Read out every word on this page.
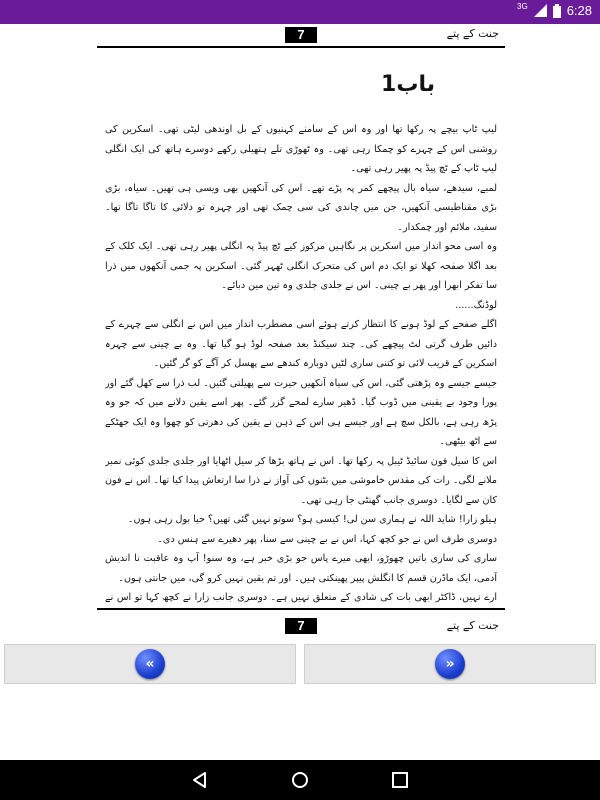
3G	6:28
7	جنت کے پتے
باب1

لیپ ٹاپ بیچے پہ رکھا تھا اور وہ اس کے سامنے کہنیوں کے بل اوندھی لیٹی تھی۔ اسکرین کی روشنی اس کے چہرے کو چمکا رہی تھی۔ وہ ٹھوڑی تلے ہتھیلی رکھے دوسرے ہاتھ کی ایک انگلی لیپ ٹاپ کے ٹچ پیڈ پہ پھیر رہی تھی۔

لمبے، سیدھے، سیاہ بال پیچھے کمر پہ پڑے تھے۔ اس کی آنکھیں بھی ویسی ہی تھیں۔ سیاہ، بڑی بڑی مقناطیسی آنکھیں، جن میں چاندی کی سی چمک تھی اور چہرہ تو دلائی کا تاگا تاگا تھا۔ سفید، ملائم اور چمکدار۔

وہ اسی محو انداز میں اسکرین پر نگاہیں مرکوز کیے ٹچ پیڈ پہ انگلی پھیر رہی تھی۔ ایک کلک کے بعد اگلا صفحہ کھلا تو ایک دم اس کی متحرک انگلی ٹھہر گئی۔ اسکرین پہ جمی آنکھوں میں ذرا سا تفکر ابھرا اور پھر بے چینی۔ اس نے جلدی جلدی وہ تین مین دبائے۔

لوڈنگ......

اگلے صفحے کے لوڈ ہونے کا انتظار کرتے ہوئے اسی مضطرب انداز میں اس نے انگلی سے چہرے کے دائیں طرف گرتی لٹ پیچھے کی۔ چند سیکنڈ بعد صفحہ لوڈ ہو گیا تھا۔ وہ بے چینی سے چہرہ اسکرین کے قریب لائی تو کتنی ساری لٹیں دوبارہ کندھے سے پھسل کر آگے کو گر گئیں۔

جیسے جیسے وہ پڑھتی گئی، اس کی سیاہ آنکھیں حیرت سے پھیلتی گئیں۔ لب ذرا سے کھل گئے اور پورا وجود بے یقینی میں ڈوب گیا۔ ڈھیر سارے لمحے گزر گئے۔ پھر اسے یقین دلانے میں کہ جو وہ پڑھ رہی ہے، بالکل سچ ہے اور جیسے ہی اس کے ذہن نے یقین کی دھرتی کو چھوا وہ ایک جھٹکے سے اٹھ بیٹھی۔

اس کا سیل فون سائیڈ ٹیبل پہ رکھا تھا۔ اس نے ہاتھ بڑھا کر سیل اٹھایا اور جلدی جلدی کوئی نمبر ملانے لگی۔ رات کی مقدس خاموشی میں بٹنوں کی آواز نے ذرا سا ارتعاش پیدا کیا تھا۔ اس نے فون کان سے لگایا۔ دوسری جانب گھنٹی جا رہی تھی۔

ہیلو زارا! شاید اللہ نے ہماری سن لی! کیسی ہو؟ سوتو نہیں گئی تھیں؟ حیا بول رہی ہوں۔

دوسری طرف اس نے جو کچھ کہا، اس نے بے چینی سے سنا، پھر دھیرے سے ہنس دی۔

ساری کی ساری باتیں چھوڑو، ابھی میرے پاس جو بڑی خبر ہے، وہ سنو! آپ وہ عاقبت نا اندیش آدمی، ایک ماڈرن قسم کا انگلش پیپر پھینکتی ہیں۔ اور تم یقین نہیں کرو گی، میں جانتی ہوں۔

ارے نہیں، ڈاکٹر ابھی بات کی شادی کے متعلق نہیں ہے۔ دوسری جانب زارا نے کچھ کہا تو اس نے

7	جنت کے پتے
«	»
